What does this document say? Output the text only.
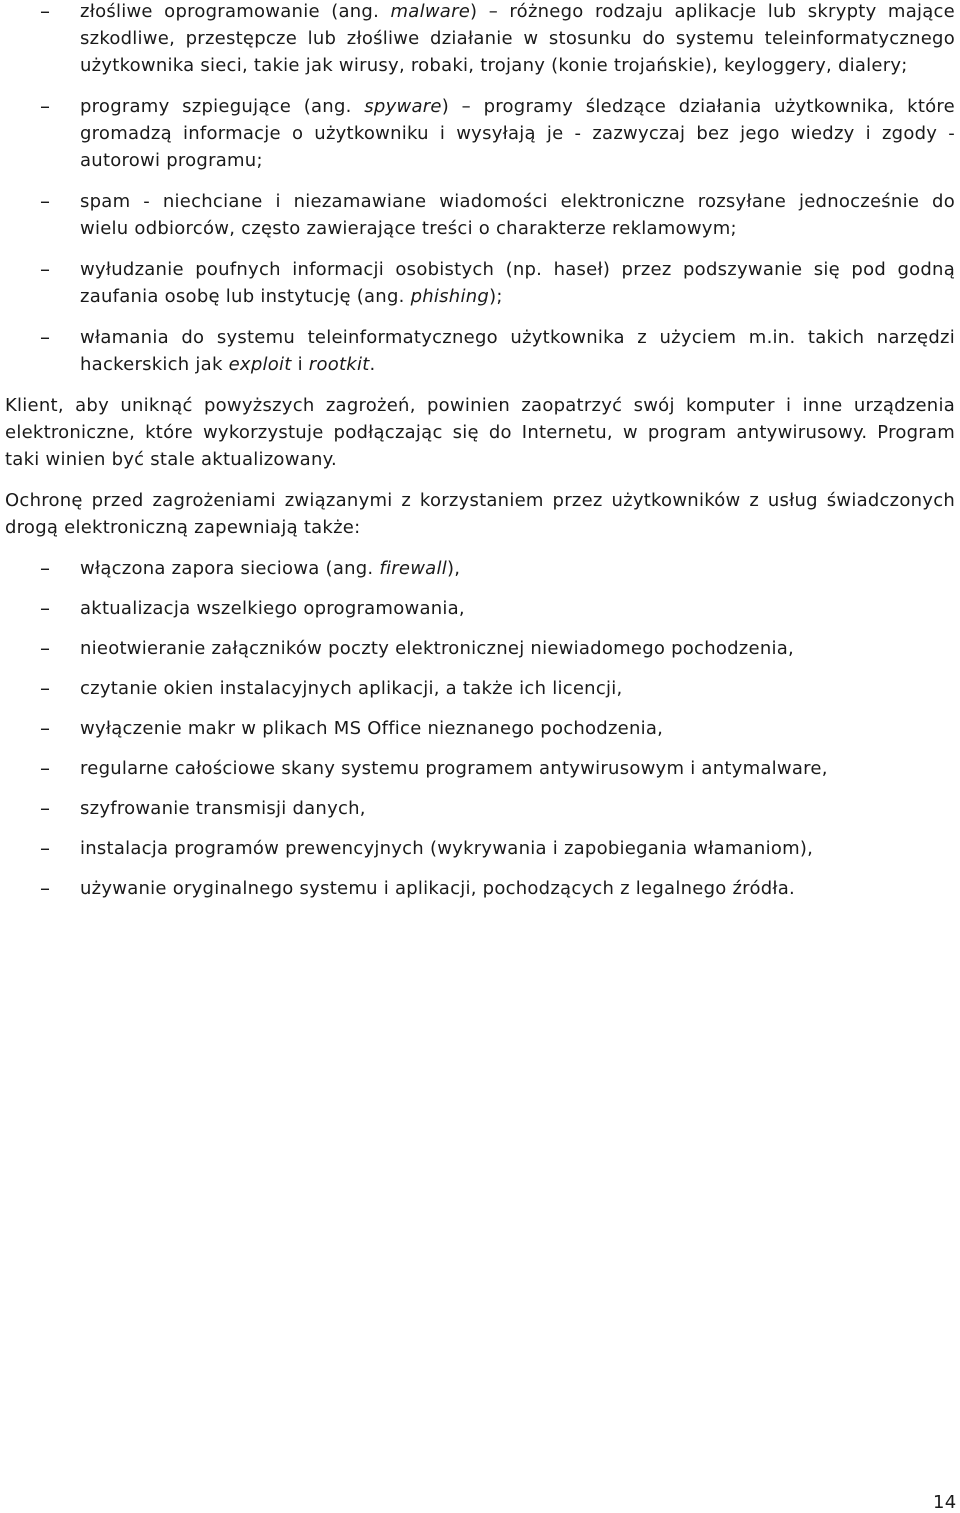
– złośliwe oprogramowanie (ang. malware) – różnego rodzaju aplikacje lub skrypty mające
szkodliwe, przestępcze lub złośliwe działanie w stosunku do systemu teleinformatycznego
użytkownika sieci, takie jak wirusy, robaki, trojany (konie trojańskie), keyloggery, dialery;
– programy szpiegujące (ang. spyware) – programy śledzące działania użytkownika, które
gromadzą informacje o użytkowniku i wysyłają je - zazwyczaj bez jego wiedzy i zgody -
autorowi programu;
– spam - niechciane i niezamawiane wiadomości elektroniczne rozsyłane jednocześnie do
wielu odbiorców, często zawierające treści o charakterze reklamowym;
– wyłudzanie poufnych informacji osobistych (np. haseł) przez podszywanie się pod godną
zaufania osobę lub instytucję (ang. phishing);
– włamania do systemu teleinformatycznego użytkownika z użyciem m.in. takich narzędzi
hackerskich jak exploit i rootkit.
Klient, aby uniknąć powyższych zagrożeń, powinien zaopatrzyć swój komputer i inne urządzenia
elektroniczne, które wykorzystuje podłączając się do Internetu, w program antywirusowy. Program
taki winien być stale aktualizowany.
Ochronę przed zagrożeniami związanymi z korzystaniem przez użytkowników z usług świadczonych
drogą elektroniczną zapewniają także:
– włączona zapora sieciowa (ang. firewall),
– aktualizacja wszelkiego oprogramowania,
– nieotwieranie załączników poczty elektronicznej niewiadomego pochodzenia,
– czytanie okien instalacyjnych aplikacji, a także ich licencji,
– wyłączenie makr w plikach MS Office nieznanego pochodzenia,
– regularne całościowe skany systemu programem antywirusowym i antymalware,
– szyfrowanie transmisji danych,
– instalacja programów prewencyjnych (wykrywania i zapobiegania włamaniom),
– używanie oryginalnego systemu i aplikacji, pochodzących z legalnego źródła.
14
